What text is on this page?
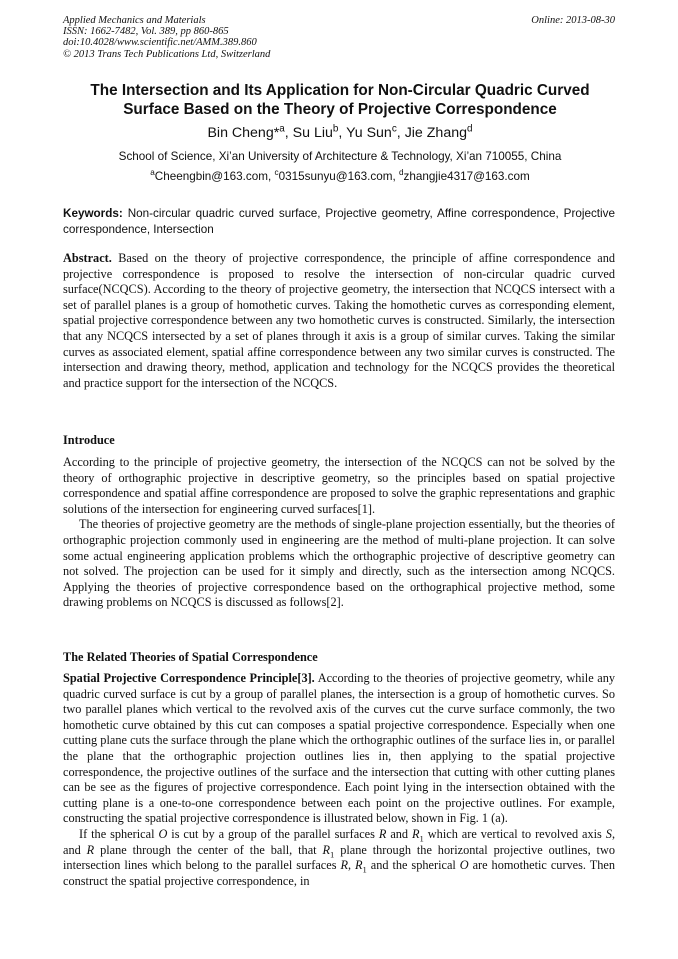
Applied Mechanics and Materials
ISSN: 1662-7482, Vol. 389, pp 860-865
doi:10.4028/www.scientific.net/AMM.389.860
© 2013 Trans Tech Publications Ltd, Switzerland
Online: 2013-08-30
The Intersection and Its Application for Non-Circular Quadric Curved
Surface Based on the Theory of Projective Correspondence
Bin Cheng*$^a$, Su Liu$^b$, Yu Sun$^c$, Jie Zhang$^d$
School of Science, Xi’an University of Architecture & Technology, Xi’an 710055, China
$^a$Cheengbin@163.com, $^c$0315sunyu@163.com, $^d$zhangjie4317@163.com
Keywords: Non-circular quadric curved surface, Projective geometry, Affine correspondence, Projective correspondence, Intersection
Abstract. Based on the theory of projective correspondence, the principle of affine correspondence and projective correspondence is proposed to resolve the intersection of non-circular quadric curved surface(NCQCS). According to the theory of projective geometry, the intersection that NCQCS intersect with a set of parallel planes is a group of homothetic curves. Taking the homothetic curves as corresponding element, spatial projective correspondence between any two homothetic curves is constructed. Similarly, the intersection that any NCQCS intersected by a set of planes through it axis is a group of similar curves. Taking the similar curves as associated element, spatial affine correspondence between any two similar curves is constructed. The intersection and drawing theory, method, application and technology for the NCQCS provides the theoretical and practice support for the intersection of the NCQCS.
Introduce

According to the principle of projective geometry, the intersection of the NCQCS can not be solved by the theory of orthographic projective in descriptive geometry, so the principles based on spatial projective correspondence and spatial affine correspondence are proposed to solve the graphic representations and graphic solutions of the intersection for engineering curved surfaces[1].

The theories of projective geometry are the methods of single-plane projection essentially, but the theories of orthographic projection commonly used in engineering are the method of multi-plane projection. It can solve some actual engineering application problems which the orthographic projective of descriptive geometry can not solved. The projection can be used for it simply and directly, such as the intersection among NCQCS. Applying the theories of projective correspondence based on the orthographical projective method, some drawing problems on NCQCS is discussed as follows[2].

The Related Theories of Spatial Correspondence

Spatial Projective Correspondence Principle[3]. According to the theories of projective geometry, while any quadric curved surface is cut by a group of parallel planes, the intersection is a group of homothetic curves. So two parallel planes which vertical to the revolved axis of the curves cut the curve surface commonly, the two homothetic curve obtained by this cut can composes a spatial projective correspondence. Especially when one cutting plane cuts the surface through the plane which the orthographic outlines of the surface lies in, or parallel the plane that the orthographic projection outlines lies in, then applying to the spatial projective correspondence, the projective outlines of the surface and the intersection that cutting with other cutting planes can be see as the figures of projective correspondence. Each point lying in the intersection obtained with the cutting plane is a one-to-one correspondence between each point on the projective outlines. For example, constructing the spatial projective correspondence is illustrated below, shown in Fig. 1 (a).

If the spherical O is cut by a group of the parallel surfaces R and $R_1$ which are vertical to revolved axis S, and R plane through the center of the ball, that $R_1$ plane through the horizontal projective outlines, two intersection lines which belong to the parallel surfaces R, $R_1$ and the spherical O are homothetic curves. Then construct the spatial projective correspondence, in
